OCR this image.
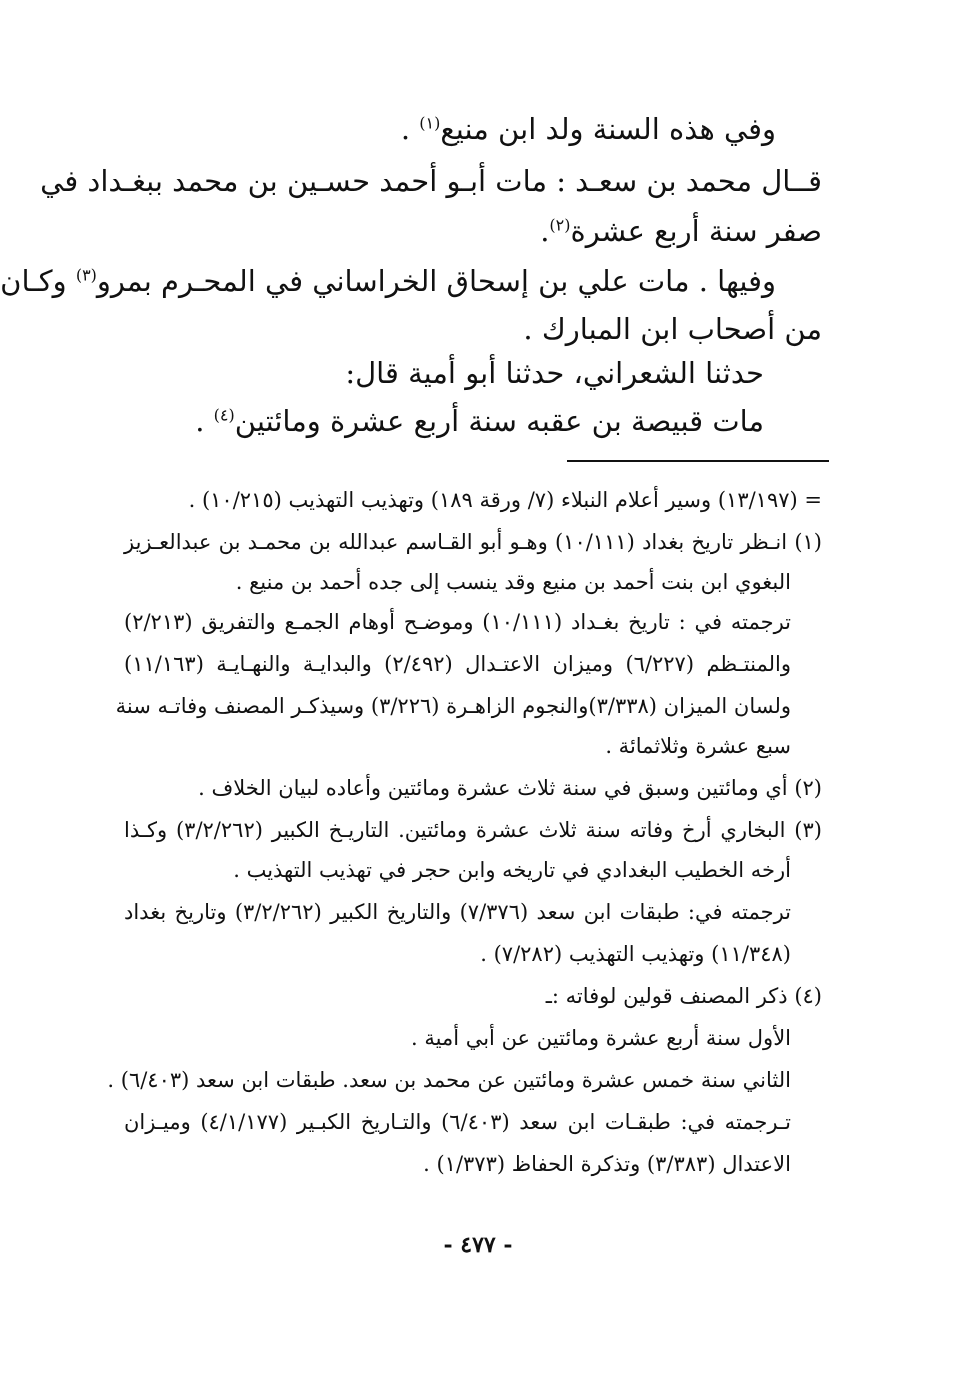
وفي هذه السنة ولد ابن منيع$^{(١)}$ .
قــال محمد بن سعـد : مات أبـو أحمد حسـين بن محمد ببغـداد في
صفر سنة أربع عشرة$^{(٢)}$.
وفيها . مات علي بن إسحاق الخراساني في المحـرم بمرو$^{(٣)}$ وكـان
من أصحاب ابن المبارك .
حدثنا الشعراني، حدثنا أبو أمية قال:
مات قبيصة بن عقبه سنة أربع عشرة ومائتين$^{(٤)}$ .
= (١٣/١٩٧) وسير أعلام النبلاء (٧/ ورقة ١٨٩) وتهذيب التهذيب (١٠/٢١٥) .
(١) انـظر تاريخ بغداد (١٠/١١١) وهـو أبو القـاسم عبدالله بن محمـد بن عبدالعـزيز
البغوي ابن بنت أحمد بن منيع وقد ينسب إلى جده أحمد بن منيع .
ترجمته في : تاريخ بغـداد (١٠/١١١) وموضـح أوهام الجمـع والتفريق (٢/٢١٣)
والمنتـظم (٦/٢٢٧) وميزان الاعتـدال (٢/٤٩٢) والبدايـة والنهـايـة (١١/١٦٣)
ولسان الميزان (٣/٣٣٨)والنجوم الزاهـرة (٣/٢٢٦) وسيذكـر المصنف وفاتـه سنة
سبع عشرة وثلاثمائة .
(٢) أي ومائتين وسبق في سنة ثلاث عشرة ومائتين وأعاده لبيان الخلاف .
(٣) البخاري أرخ وفاته سنة ثلاث عشرة ومائتين. التاريـخ الكبير (٣/٢/٢٦٢) وكـذا
أرخه الخطيب البغدادي في تاريخه وابن حجر في تهذيب التهذيب .
ترجمته في: طبقات ابن سعد (٧/٣٧٦) والتاريخ الكبير (٣/٢/٢٦٢) وتاريخ بغداد
(١١/٣٤٨) وتهذيب التهذيب (٧/٢٨٢) .
(٤) ذكر المصنف قولين لوفاته :ـ
الأول سنة أربع عشرة ومائتين عن أبي أمية .
الثاني سنة خمس عشرة ومائتين عن محمد بن سعد. طبقات ابن سعد (٦/٤٠٣) .
تـرجمته في: طبقـات ابن سعد (٦/٤٠٣) والتـاريخ الكبـير (٤/١/١٧٧) وميـزان
الاعتدال (٣/٣٨٣) وتذكرة الحفاظ (١/٣٧٣) .
- ٤٧٧ -
